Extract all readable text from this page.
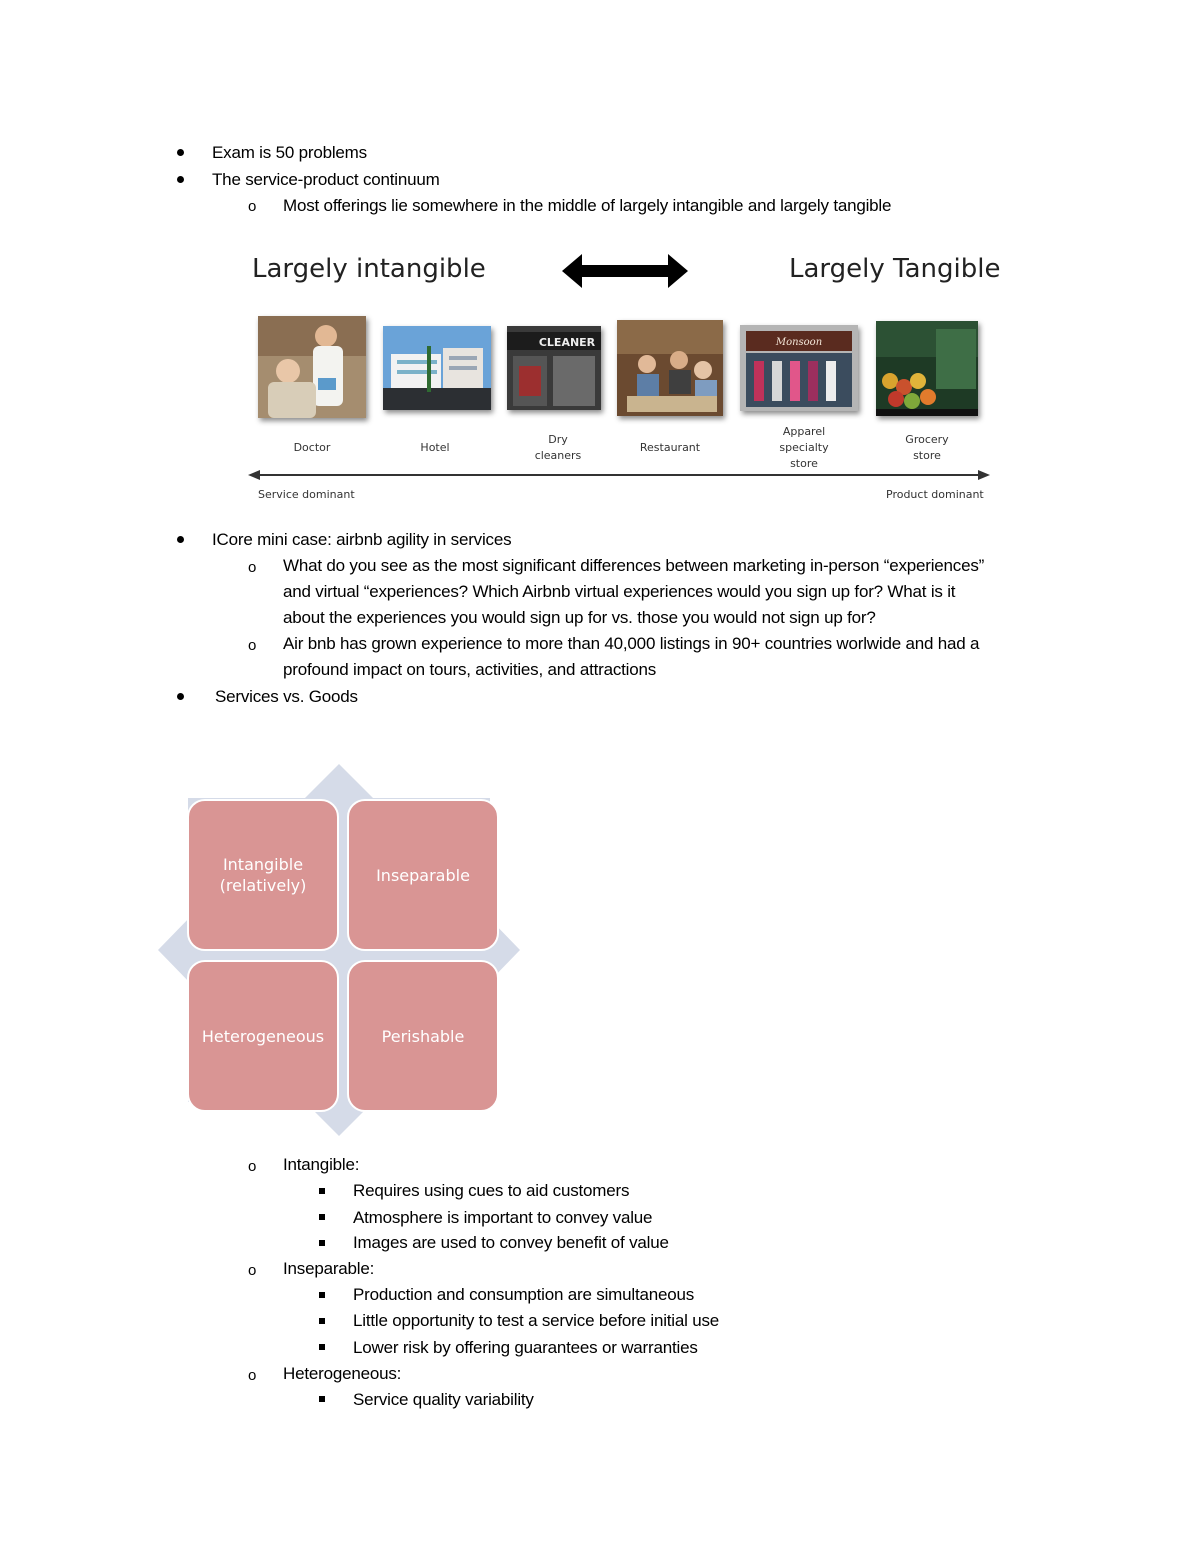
Exam is 50 problems
The service-product continuum
o Most offerings lie somewhere in the middle of largely intangible and largely tangible
Largely intangible	Largely Tangible
CLEANER	Monsoon
Doctor	Hotel
Dry
cleaners
Restaurant
Apparel
specialty
store
Grocery
store
Service dominant	Product dominant
ICore mini case: airbnb agility in services
o What do you see as the most significant differences between marketing in-person “experiences”
and virtual “experiences? Which Airbnb virtual experiences would you sign up for? What is it
about the experiences you would sign up for vs. those you would not sign up for?
o Air bnb has grown experience to more than 40,000 listings in 90+ countries worlwide and had a
profound impact on tours, activities, and attractions
Services vs. Goods
Intangible
(relatively)
Inseparable
Heterogeneous	Perishable
o Intangible:
Requires using cues to aid customers
Atmosphere is important to convey value
Images are used to convey benefit of value
o Inseparable:
Production and consumption are simultaneous
Little opportunity to test a service before initial use
Lower risk by offering guarantees or warranties
o Heterogeneous:
Service quality variability
